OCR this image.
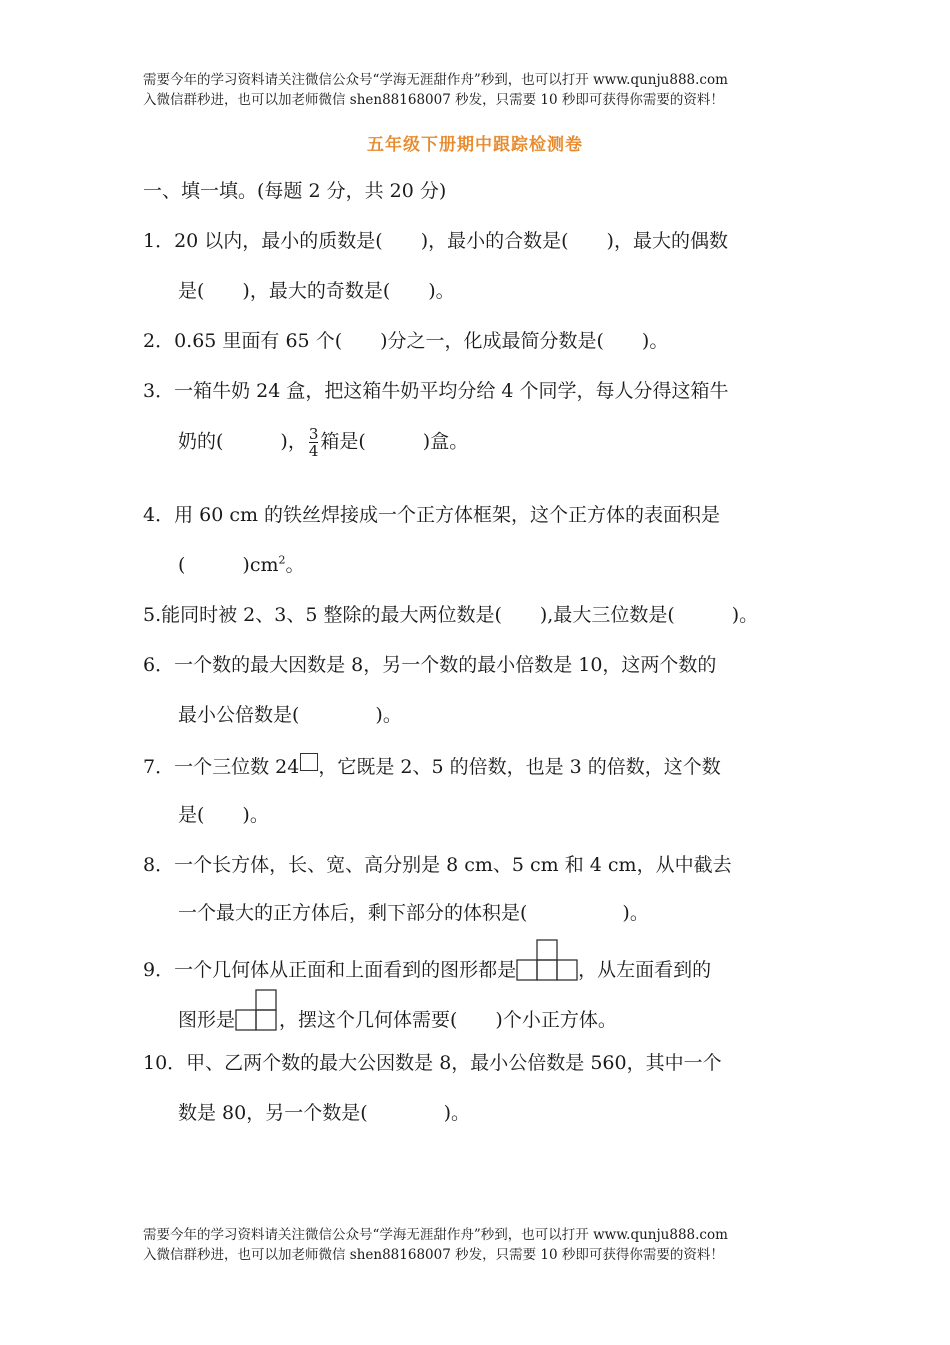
需要今年的学习资料请关注微信公众号“学海无涯甜作舟”秒到，也可以打开 www.qunju888.com
入微信群秒进，也可以加老师微信 shen88168007 秒发，只需要 10 秒即可获得你需要的资料！
五年级下册期中跟踪检测卷
一、填一填。(每题 2 分，共 20 分)
1．20 以内，最小的质数是(　　)，最小的合数是(　　)，最大的偶数
是(　　)，最大的奇数是(　　)。
2．0.65 里面有 65 个(　　)分之一，化成最简分数是(　　)。
3．一箱牛奶 24 盒，把这箱牛奶平均分给 4 个同学，每人分得这箱牛
奶的(　　　)， $\frac{3}{4}$ 箱是(　　　)盒。
4．用 60 cm 的铁丝焊接成一个正方体框架，这个正方体的表面积是
(　　　)$cm^2$。
5.能同时被 2、3、5 整除的最大两位数是(　　),最大三位数是(　　　)。
6．一个数的最大因数是 8，另一个数的最小倍数是 10，这两个数的
最小公倍数是(　　　　)。
7．一个三位数 24 ，它既是 2、5 的倍数，也是 3 的倍数，这个数
是(　　)。
8．一个长方体，长、宽、高分别是 8 cm、5 cm 和 4 cm，从中截去
一个最大的正方体后，剩下部分的体积是(　　　　　)。
9．一个几何体从正面和上面看到的图形都是	，从左面看到的
图形是 ，摆这个几何体需要(　　)个小正方体。
10．甲、乙两个数的最大公因数是 8，最小公倍数是 560，其中一个
数是 80，另一个数是(　　　　)。
需要今年的学习资料请关注微信公众号“学海无涯甜作舟”秒到，也可以打开 www.qunju888.com
入微信群秒进，也可以加老师微信 shen88168007 秒发，只需要 10 秒即可获得你需要的资料！
